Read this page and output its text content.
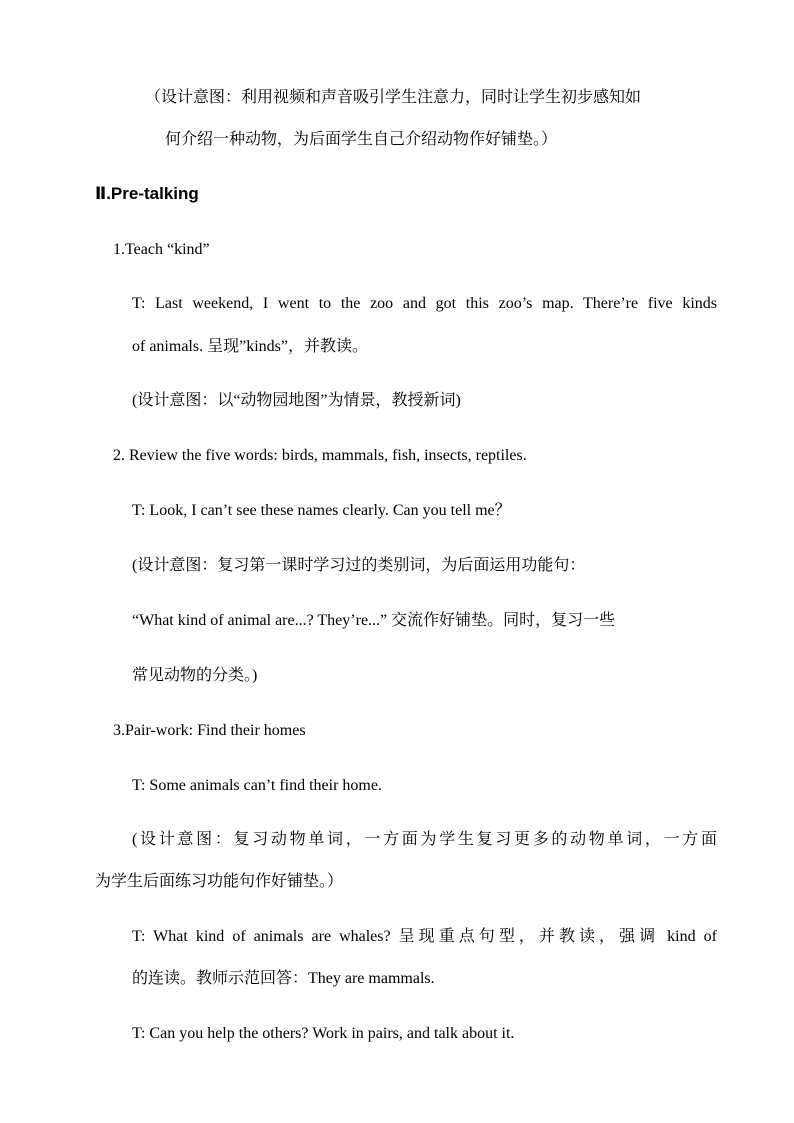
（设计意图：利用视频和声音吸引学生注意力，同时让学生初步感知如
何介绍一种动物，为后面学生自己介绍动物作好铺垫。）
Ⅱ.Pre-talking
1.Teach “kind”
T: Last weekend, I went to the zoo and got this zoo’s map. There’re five kinds
of animals. 呈现”kinds”，并教读。
(设计意图：以“动物园地图”为情景，教授新词)
2. Review the five words: birds, mammals, fish, insects, reptiles.
T: Look, I can’t see these names clearly. Can you tell me？
(设计意图：复习第一课时学习过的类别词，为后面运用功能句：
“What kind of animal are...? They’re...” 交流作好铺垫。同时，复习一些
常见动物的分类。)
3.Pair-work: Find their homes
T: Some animals can’t find their home.
(设计意图：复习动物单词，一方面为学生复习更多的动物单词，一方面
为学生后面练习功能句作好铺垫。）
T: What kind of animals are whales? 呈现重点句型，并教读，强调 kind of
的连读。教师示范回答：They are mammals.
T: Can you help the others? Work in pairs, and talk about it.
